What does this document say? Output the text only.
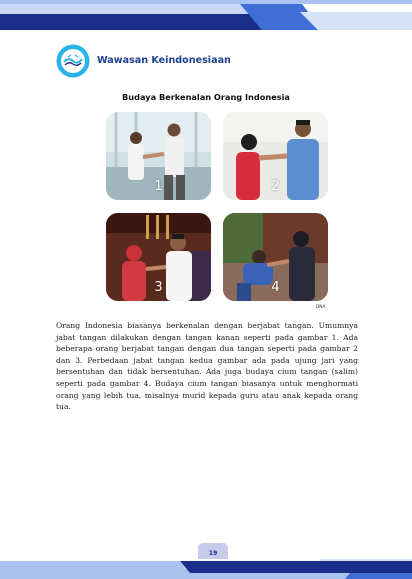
Wawasan Keindonesiaan
Budaya Berkenalan Orang Indonesia
1	2
3	4
DNA

Orang Indonesia biasanya berkenalan dengan berjabat tangan. Umumnya jabat tangan dilakukan dengan tangan kanan seperti pada gambar 1. Ada beberapa orang berjabat tangan dengan dua tangan seperti pada gambar 2 dan 3. Perbedaan jabat tangan kedua gambar ada pada ujung jari yang bersentuhan dan tidak bersentuhan. Ada juga budaya cium tangan (salim) seperti pada gambar 4. Budaya cium tangan biasanya untuk menghormati orang yang lebih tua, misalnya murid kepada guru atau anak kepada orang tua.

19
